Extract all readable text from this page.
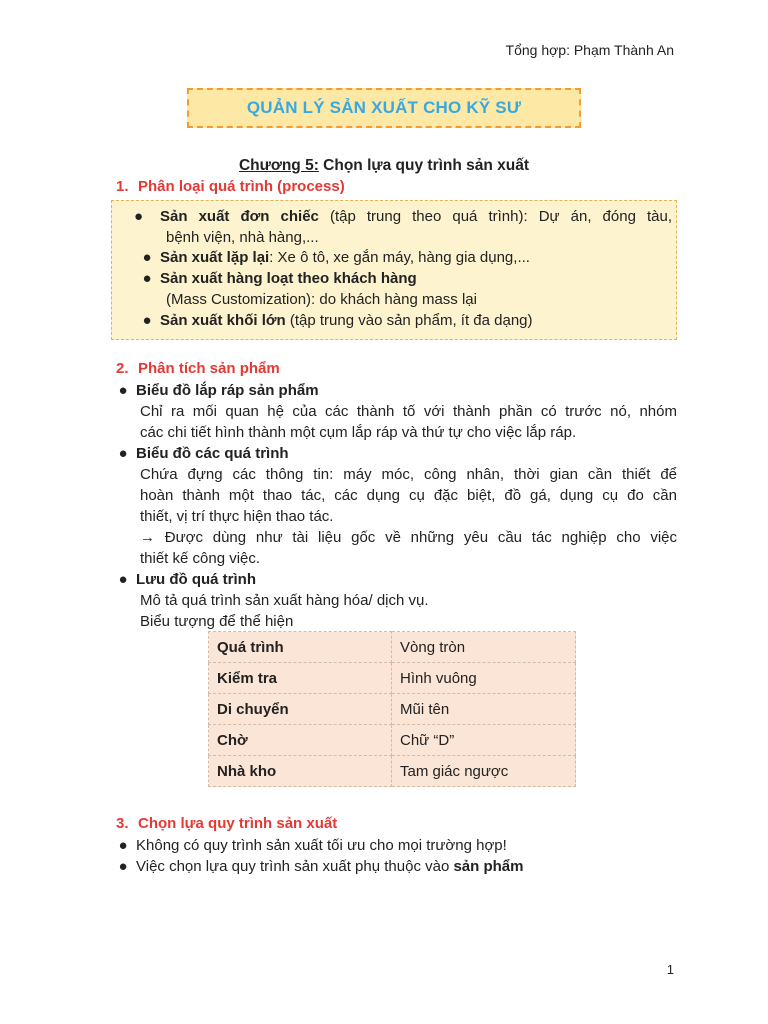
Tổng hợp: Phạm Thành An
QUẢN LÝ SẢN XUẤT CHO KỸ SƯ
Chương 5: Chọn lựa quy trình sản xuất
1. Phân loại quá trình (process)
● Sản xuất đơn chiếc (tập trung theo quá trình): Dự án, đóng tàu,
bệnh viện, nhà hàng,...
● Sản xuất lặp lại: Xe ô tô, xe gắn máy, hàng gia dụng,...
● Sản xuất hàng loạt theo khách hàng
(Mass Customization): do khách hàng mass lại
● Sản xuất khối lớn (tập trung vào sản phẩm, ít đa dạng)
2. Phân tích sản phẩm
● Biểu đồ lắp ráp sản phẩm
Chỉ ra mối quan hệ của các thành tố với thành phần có trước nó, nhóm
các chi tiết hình thành một cụm lắp ráp và thứ tự cho việc lắp ráp.
● Biểu đồ các quá trình
Chứa đựng các thông tin: máy móc, công nhân, thời gian cần thiết để
hoàn thành một thao tác, các dụng cụ đặc biệt, đồ gá, dụng cụ đo cần
thiết, vị trí thực hiện thao tác.
→ Được dùng như tài liệu gốc về những yêu cầu tác nghiệp cho việc
thiết kế công việc.
● Lưu đồ quá trình
Mô tả quá trình sản xuất hàng hóa/ dịch vụ.
Biểu tượng để thể hiện
Quá trình	Vòng tròn
Kiểm tra	Hình vuông
Di chuyển	Mũi tên
Chờ	Chữ “D”
Nhà kho	Tam giác ngược
3. Chọn lựa quy trình sản xuất
● Không có quy trình sản xuất tối ưu cho mọi trường hợp!
● Việc chọn lựa quy trình sản xuất phụ thuộc vào sản phẩm
1
